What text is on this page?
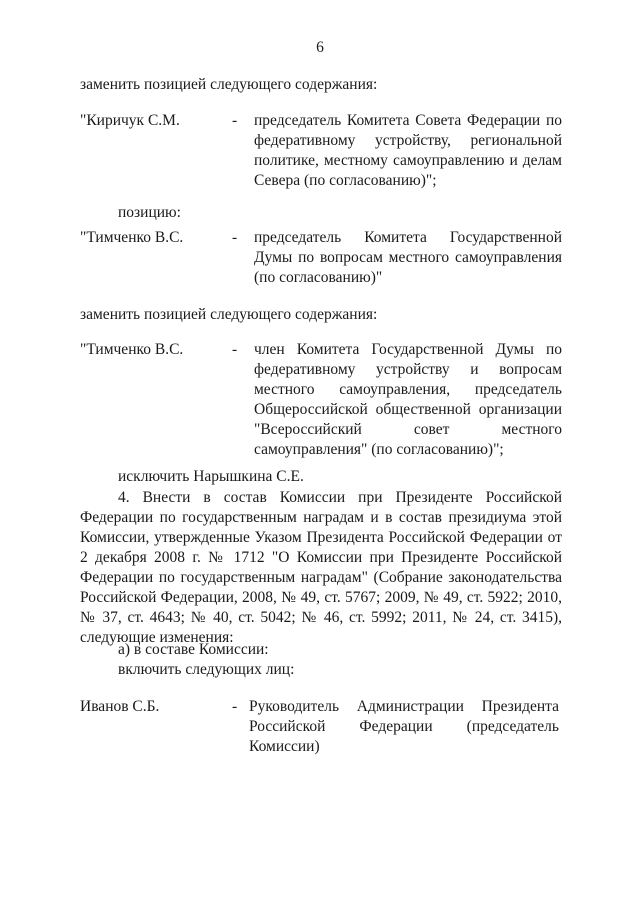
6
заменить позицией следующего содержания:
"Киричук С.М.	- председатель Комитета Совета Федерации по федеративному устройству, региональной политике, местному самоуправлению и делам Севера (по согласованию)";
позицию:
"Тимченко В.С.	- председатель Комитета Государственной Думы по вопросам местного самоуправления (по согласованию)"
заменить позицией следующего содержания:
"Тимченко В.С.	- член Комитета Государственной Думы по федеративному устройству и вопросам местного самоуправления, председатель Общероссийской общественной организации "Всероссийский совет местного самоуправления" (по согласованию)";
исключить Нарышкина С.Е.
4. Внести в состав Комиссии при Президенте Российской Федерации по государственным наградам и в состав президиума этой Комиссии, утвержденные Указом Президента Российской Федерации от 2 декабря 2008 г. № 1712 "О Комиссии при Президенте Российской Федерации по государственным наградам" (Собрание законодательства Российской Федерации, 2008, № 49, ст. 5767; 2009, № 49, ст. 5922; 2010, № 37, ст. 4643; № 40, ст. 5042; № 46, ст. 5992; 2011, № 24, ст. 3415), следующие изменения:
а) в составе Комиссии:
включить следующих лиц:
Иванов С.Б.	- Руководитель Администрации Президента Российской Федерации (председатель Комиссии)
